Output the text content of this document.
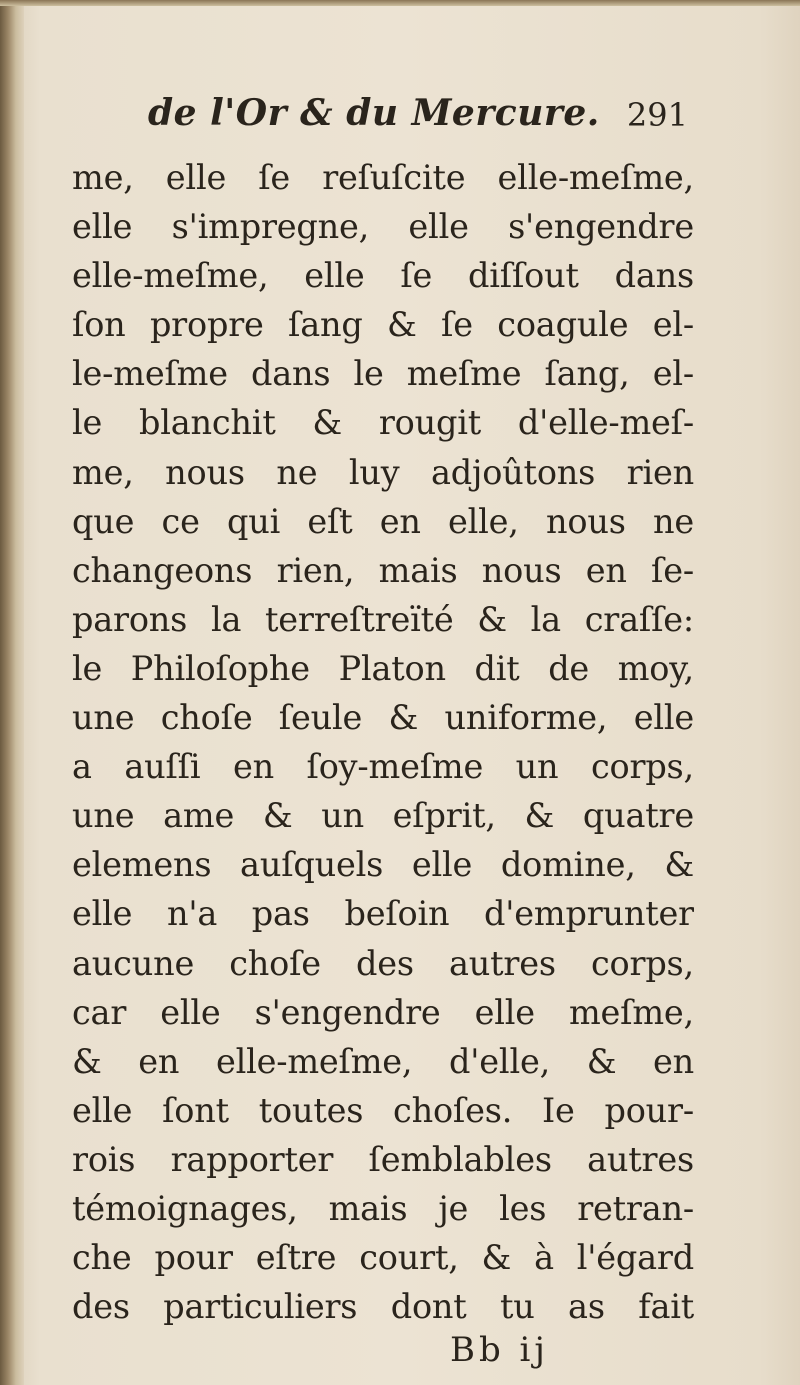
de l'Or & du Mercure. 291
me, elle ſe reſuſcite elle-meſme,
elle s'impregne, elle s'engendre
elle-meſme, elle ſe diſſout dans
ſon propre ſang & ſe coagule el-
le-meſme dans le meſme ſang, el-
le blanchit & rougit d'elle-meſ-
me, nous ne luy adjoûtons rien
que ce qui eſt en elle, nous ne
changeons rien, mais nous en ſe-
parons la terreſtreïté & la craſſe:
le Philoſophe Platon dit de moy,
une choſe ſeule & uniforme, elle
a auſſi en ſoy-meſme un corps,
une ame & un eſprit, & quatre
elemens auſquels elle domine, &
elle n'a pas beſoin d'emprunter
aucune choſe des autres corps,
car elle s'engendre elle meſme,
& en elle-meſme, d'elle, & en
elle ſont toutes choſes. Ie pour-
rois rapporter ſemblables autres
témoignages, mais je les retran-
che pour eſtre court, & à l'égard
des particuliers dont tu as fait
Bb ij
